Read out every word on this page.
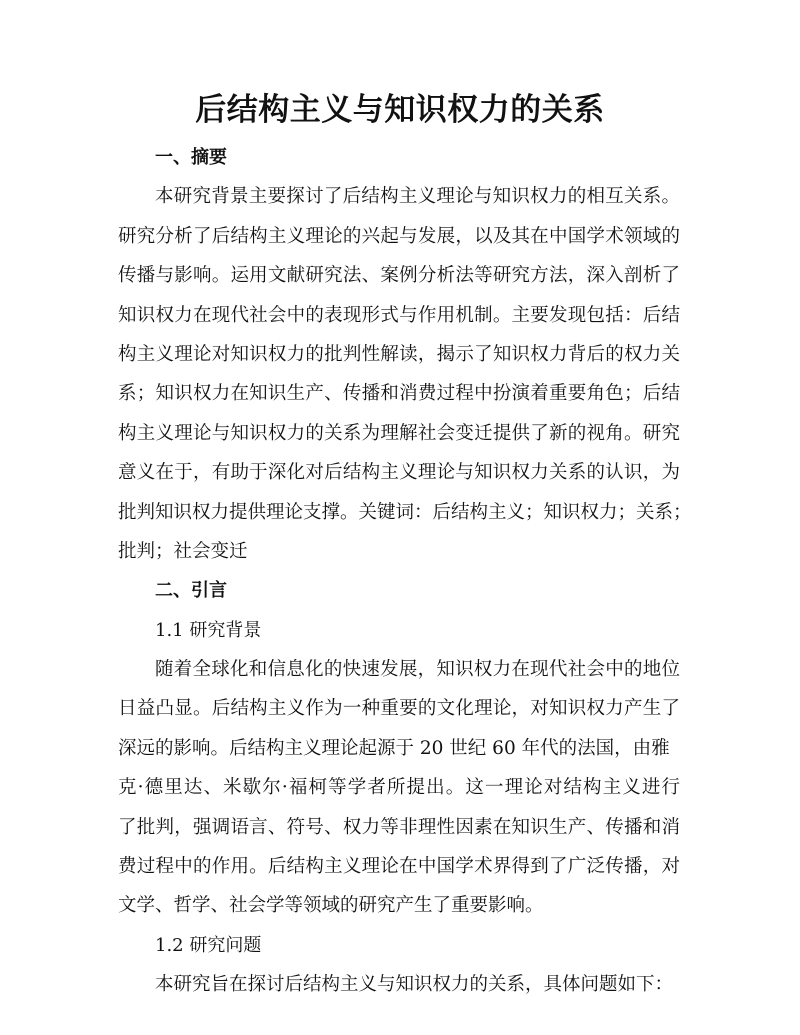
后结构主义与知识权力的关系
一、摘要
本研究背景主要探讨了后结构主义理论与知识权力的相互关系。
研究分析了后结构主义理论的兴起与发展，以及其在中国学术领域的
传播与影响。运用文献研究法、案例分析法等研究方法，深入剖析了
知识权力在现代社会中的表现形式与作用机制。主要发现包括：后结
构主义理论对知识权力的批判性解读，揭示了知识权力背后的权力关
系；知识权力在知识生产、传播和消费过程中扮演着重要角色；后结
构主义理论与知识权力的关系为理解社会变迁提供了新的视角。研究
意义在于，有助于深化对后结构主义理论与知识权力关系的认识，为
批判知识权力提供理论支撑。关键词：后结构主义；知识权力；关系；
批判；社会变迁
二、引言
1.1 研究背景
随着全球化和信息化的快速发展，知识权力在现代社会中的地位
日益凸显。后结构主义作为一种重要的文化理论，对知识权力产生了
深远的影响。后结构主义理论起源于 20 世纪 60 年代的法国，由雅
克·德里达、米歇尔·福柯等学者所提出。这一理论对结构主义进行
了批判，强调语言、符号、权力等非理性因素在知识生产、传播和消
费过程中的作用。后结构主义理论在中国学术界得到了广泛传播，对
文学、哲学、社会学等领域的研究产生了重要影响。
1.2 研究问题
本研究旨在探讨后结构主义与知识权力的关系，具体问题如下：
